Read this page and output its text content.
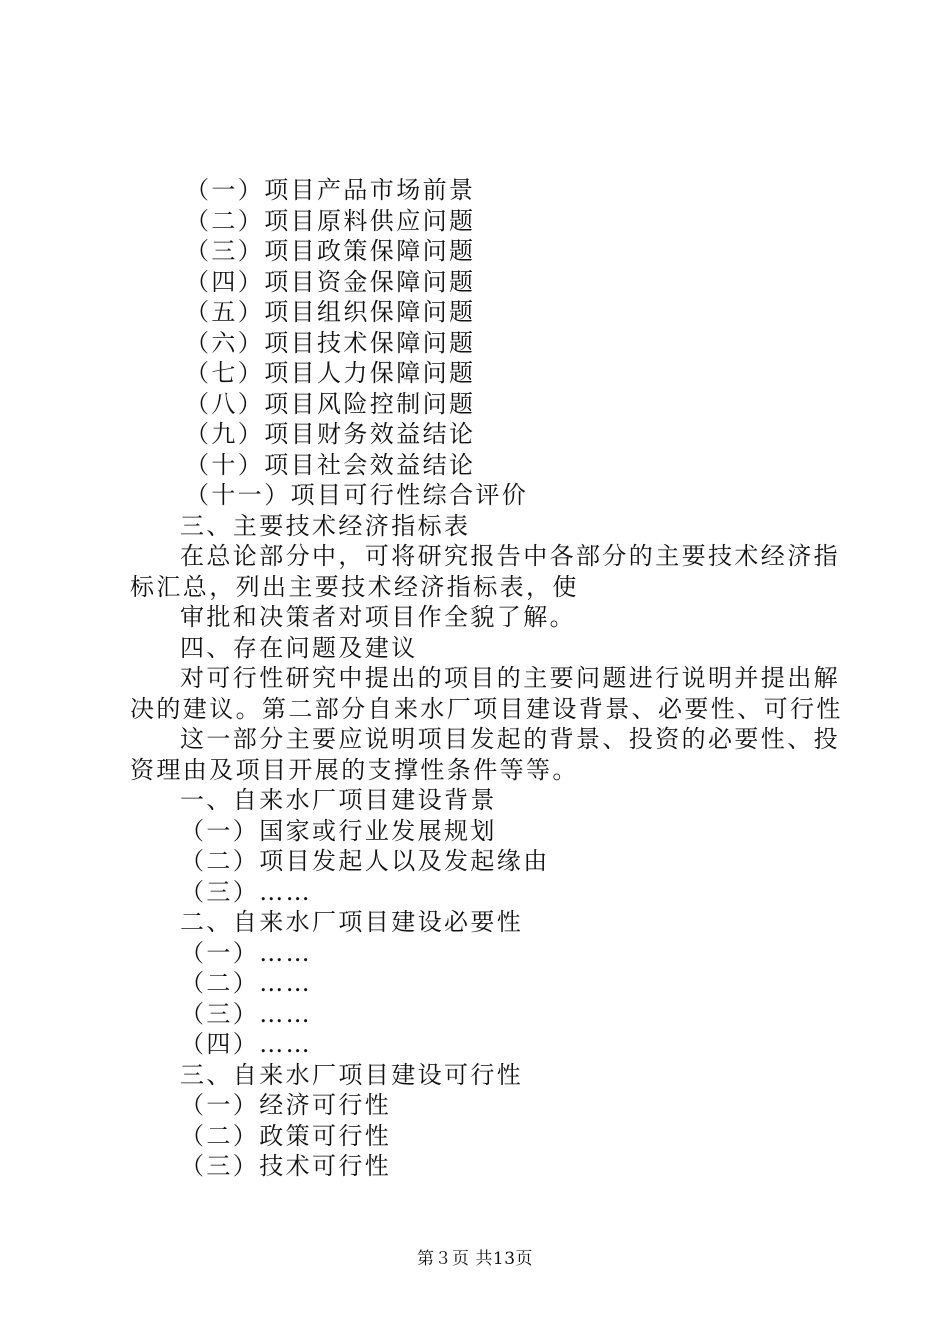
（一）项目产品市场前景
（二）项目原料供应问题
（三）项目政策保障问题
（四）项目资金保障问题
（五）项目组织保障问题
（六）项目技术保障问题
（七）项目人力保障问题
（八）项目风险控制问题
（九）项目财务效益结论
（十）项目社会效益结论
（十一）项目可行性综合评价
三、主要技术经济指标表
在总论部分中，可将研究报告中各部分的主要技术经济指
标汇总，列出主要技术经济指标表，使
审批和决策者对项目作全貌了解。
四、存在问题及建议
对可行性研究中提出的项目的主要问题进行说明并提出解
决的建议。第二部分自来水厂项目建设背景、必要性、可行性
这一部分主要应说明项目发起的背景、投资的必要性、投
资理由及项目开展的支撑性条件等等。
一、自来水厂项目建设背景
（一）国家或行业发展规划
（二）项目发起人以及发起缘由
（三）……
二、自来水厂项目建设必要性
（一）……
（二）……
（三）……
（四）……
三、自来水厂项目建设可行性
（一）经济可行性
（二）政策可行性
（三）技术可行性
第３页 共13页
